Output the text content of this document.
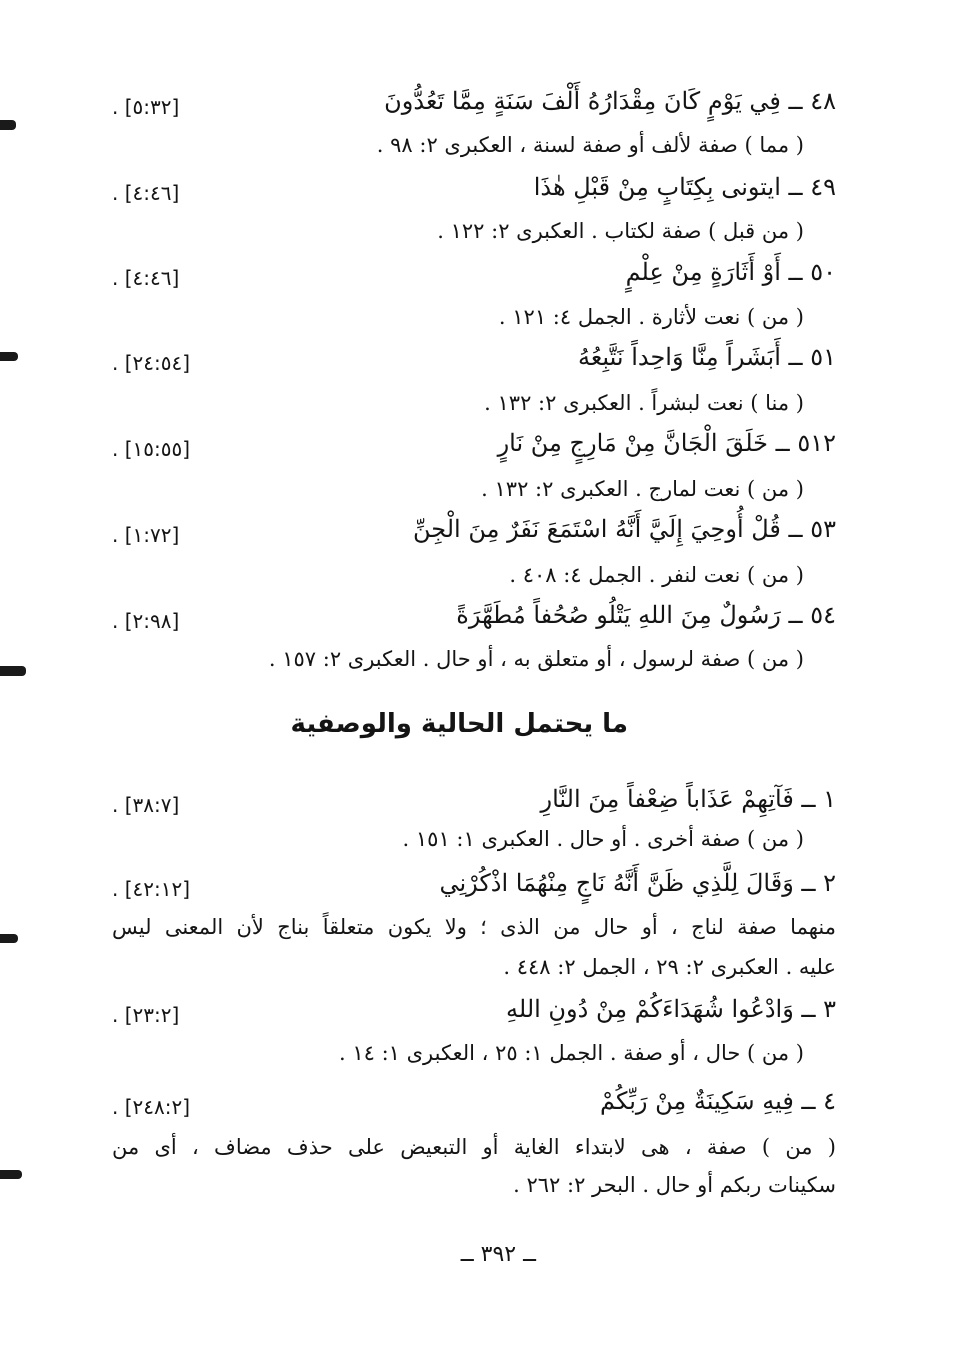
٤٨ ــ فِي يَوْمٍ كَانَ مِقْدَارُهُ أَلْفَ سَنَةٍ مِمَّا تَعُدُّونَ
. [٥:٣٢]
( مما ) صفة لألف أو صفة لسنة ، العكبرى ٢: ٩٨ .
٤٩ ــ ايتونى بِكِتَابٍ مِنْ قَبْلِ هٰذَا
. [٤:٤٦]
( من قبل ) صفة لكتاب . العكبرى ٢: ١٢٢ .
٥٠ ــ أَوْ أَثَارَةٍ مِنْ عِلْمٍ
. [٤:٤٦]
( من ) نعت لأثارة . الجمل ٤: ١٢١ .
٥١ ــ أَبَشَراً مِنَّا وَاحِداً نَتَّبِعُهُ
. [٢٤:٥٤]
( منا ) نعت لبشراً . العكبرى ٢: ١٣٢ .
٥١٢ ــ خَلَقَ الْجَانَّ مِنْ مَارِجٍ مِنْ نَارٍ
. [١٥:٥٥]
( من ) نعت لمارج . العكبرى ٢: ١٣٢ .
٥٣ ــ قُلْ أُوحِيَ إِلَيَّ أَنَّهُ اسْتَمَعَ نَفَرٌ مِنَ الْجِنِّ
. [١:٧٢]
( من ) نعت لنفر . الجمل ٤: ٤٠٨ .
٥٤ ــ رَسُولٌ مِنَ اللهِ يَتْلُو صُحُفاً مُطَهَّرَةً
. [٢:٩٨]
( من ) صفة لرسول ، أو متعلق به ، أو حال . العكبرى ٢: ١٥٧ .
ما يحتمل الحالية والوصفية
١ ــ فَآتِهِمْ عَذَاباً ضِعْفاً مِنَ النَّارِ
. [٣٨:٧]
( من ) صفة أخرى . أو حال . العكبرى ١: ١٥١ .
٢ ــ وَقَالَ لِلَّذِي ظَنَّ أَنَّهُ نَاجٍ مِنْهُمَا اذْكُرْنِي
. [٤٢:١٢]
منهما صفة لناج ، أو حال من الذى ؛ ولا يكون متعلقاً بناج لأن المعنى ليس
عليه . العكبرى ٢: ٢٩ ، الجمل ٢: ٤٤٨ .
٣ ــ وَادْعُوا شُهَدَاءَكُمْ مِنْ دُونِ اللهِ
. [٢٣:٢]
( من ) حال ، أو صفة . الجمل ١: ٢٥ ، العكبرى ١: ١٤ .
٤ ــ فِيهِ سَكِينَةٌ مِنْ رَبِّكُمْ
. [٢٤٨:٢]
( من ) صفة ، هى لابتداء الغاية أو التبعيض على حذف مضاف ، أى من
سكينات ربكم أو حال . البحر ٢: ٢٦٢ .
ــ ٣٩٢ ــ
